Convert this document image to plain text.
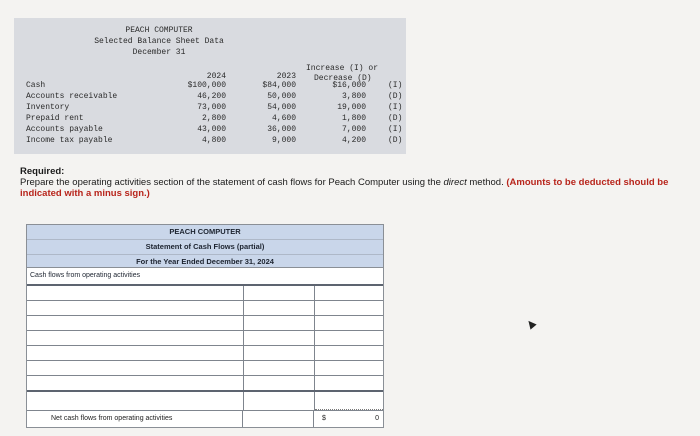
PEACH COMPUTER
Selected Balance Sheet Data
December 31
2024	2023
Increase (I) or
Decrease (D)
Cash	$100,000	$84,000	$16,000	(I)
Accounts receivable	46,200	50,000	3,800	(D)
Inventory	73,000	54,000	19,000	(I)
Prepaid rent	2,800	4,600	1,800	(D)
Accounts payable	43,000	36,000	7,000	(I)
Income tax payable	4,800	9,000	4,200	(D)
Required:
Prepare the operating activities section of the statement of cash flows for Peach Computer using the direct method. (Amounts to be deducted should be indicated with a minus sign.)
PEACH COMPUTER
Statement of Cash Flows (partial)
For the Year Ended December 31, 2024
Cash flows from operating activities
Net cash flows from operating activities	$	0
